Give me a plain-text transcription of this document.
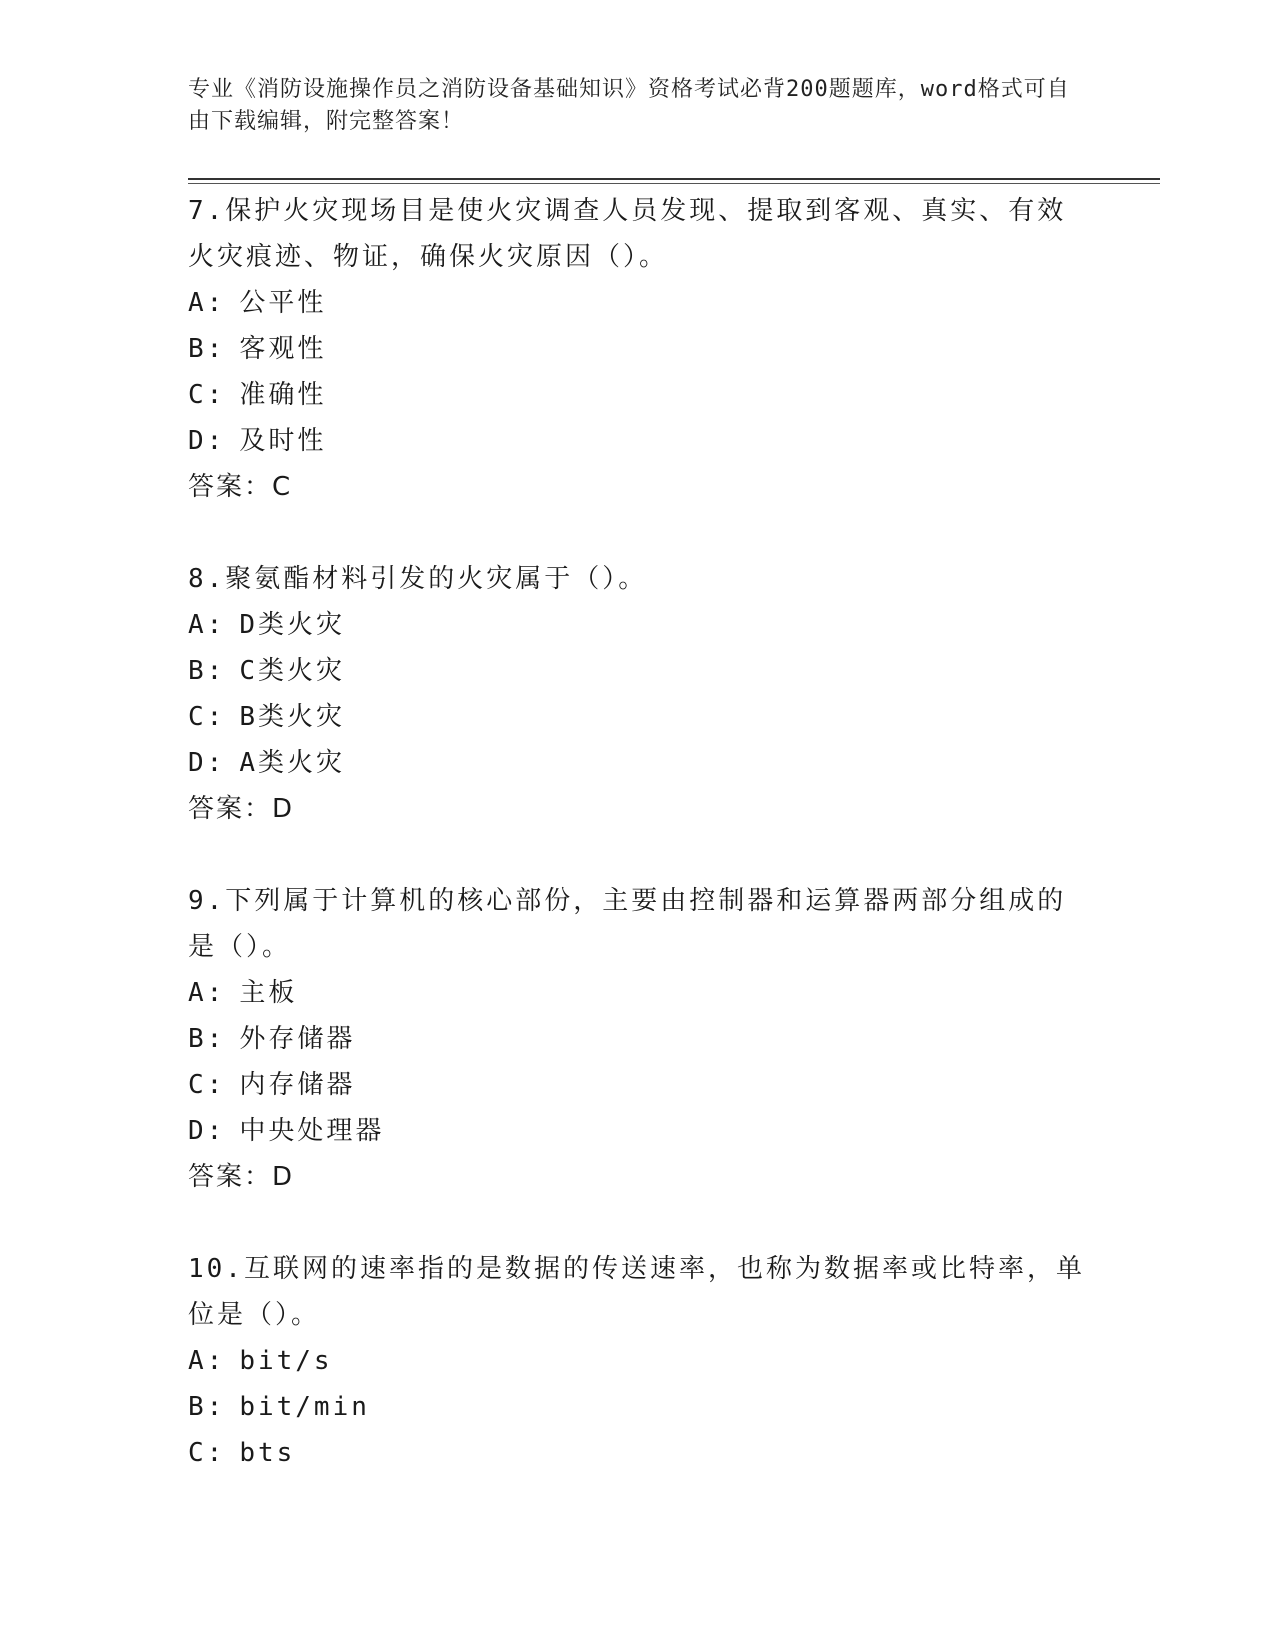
专业《消防设施操作员之消防设备基础知识》资格考试必背200题题库，word格式可自由下载编辑，附完整答案！

7.保护火灾现场目是使火灾调查人员发现、提取到客观、真实、有效火灾痕迹、物证，确保火灾原因（）。

A: 公平性

B: 客观性

C: 准确性

D: 及时性

答案：C

8.聚氨酯材料引发的火灾属于（）。

A: D类火灾

B: C类火灾

C: B类火灾

D: A类火灾

答案：D

9.下列属于计算机的核心部份，主要由控制器和运算器两部分组成的是（）。

A: 主板

B: 外存储器

C: 内存储器

D: 中央处理器

答案：D

10.互联网的速率指的是数据的传送速率，也称为数据率或比特率，单位是（）。

A: bit/s

B: bit/min

C: bts
